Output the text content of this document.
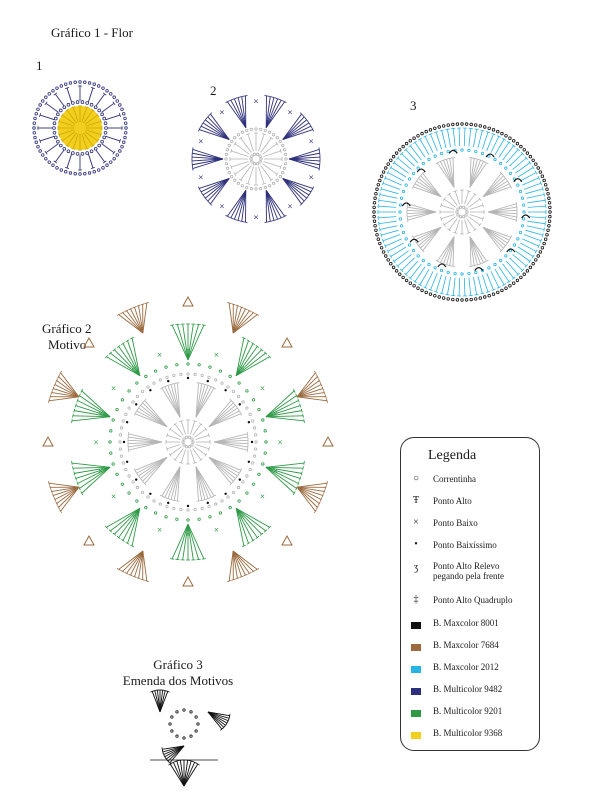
Gráfico 1 - Flor
1
2
3
Gráfico 2
Motivo
Gráfico 3
Emenda dos Motivos
×
×
×
×
×
×
×
×
×
×
×
×
×
×
×
×
×
×
×
×
×
×
×
×
×
×
×
×
×
×
Legenda
○	Correntinha
Ŧ	Ponto Alto
×	Ponto Baixo
•	Ponto Baixíssimo
ʒ	Ponto Alto Relevo
pegando pela frente
‡	Ponto Alto Quadruplo
B. Maxcolor 8001
B. Maxcolor 7684
B. Maxcolor 2012
B. Multicolor 9482
B. Multicolor 9201
B. Multicolor 9368
